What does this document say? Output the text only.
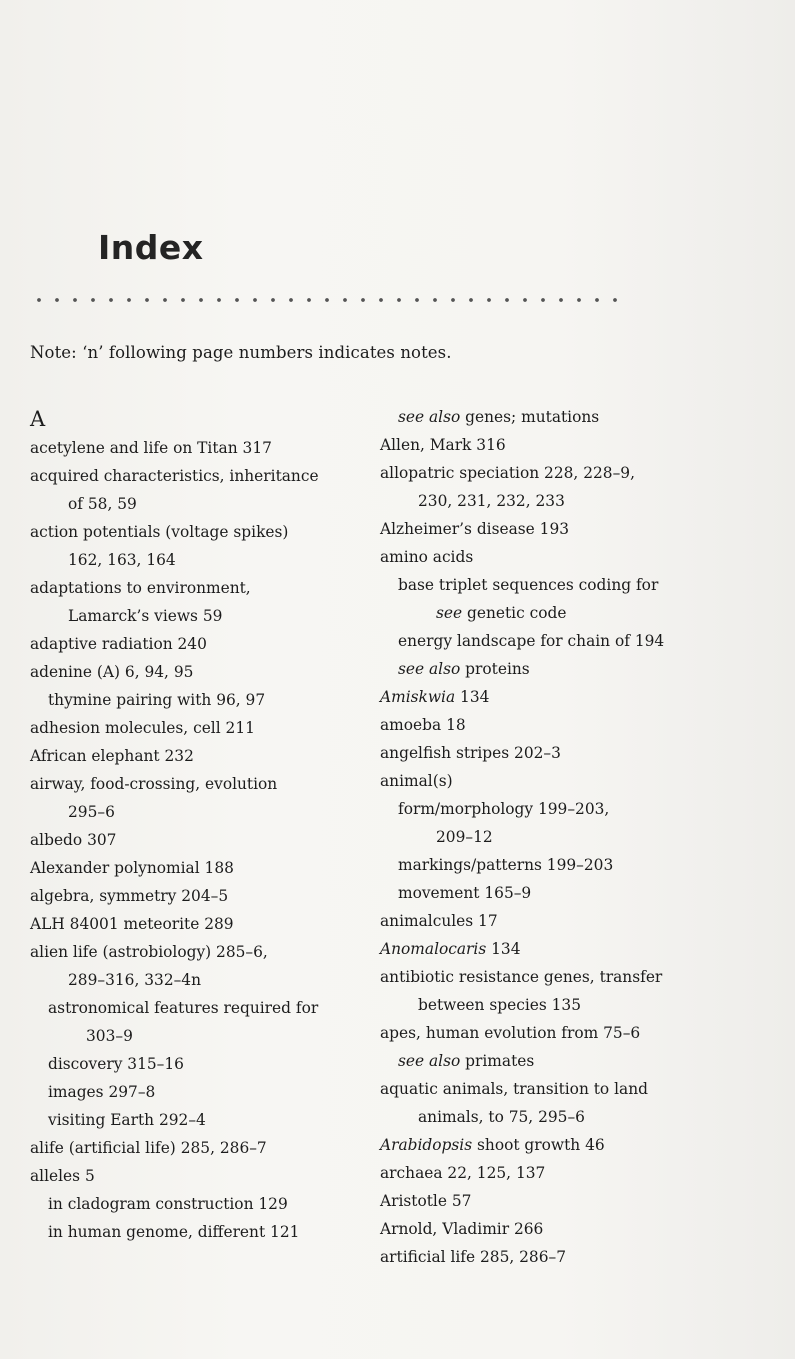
Index
Note: ‘n’ following page numbers indicates notes.
A
acetylene and life on Titan 317
acquired characteristics, inheritance
of 58, 59
action potentials (voltage spikes)
162, 163, 164
adaptations to environment,
Lamarck’s views 59
adaptive radiation 240
adenine (A) 6, 94, 95
thymine pairing with 96, 97
adhesion molecules, cell 211
African elephant 232
airway, food-crossing, evolution
295–6
albedo 307
Alexander polynomial 188
algebra, symmetry 204–5
ALH 84001 meteorite 289
alien life (astrobiology) 285–6,
289–316, 332–4n
astronomical features required for
303–9
discovery 315–16
images 297–8
visiting Earth 292–4
alife (artificial life) 285, 286–7
alleles 5
in cladogram construction 129
in human genome, different 121
see also genes; mutations
Allen, Mark 316
allopatric speciation 228, 228–9,
230, 231, 232, 233
Alzheimer’s disease 193
amino acids
base triplet sequences coding for
see genetic code
energy landscape for chain of 194
see also proteins
Amiskwia 134
amoeba 18
angelfish stripes 202–3
animal(s)
form/morphology 199–203,
209–12
markings/patterns 199–203
movement 165–9
animalcules 17
Anomalocaris 134
antibiotic resistance genes, transfer
between species 135
apes, human evolution from 75–6
see also primates
aquatic animals, transition to land
animals, to 75, 295–6
Arabidopsis shoot growth 46
archaea 22, 125, 137
Aristotle 57
Arnold, Vladimir 266
artificial life 285, 286–7
